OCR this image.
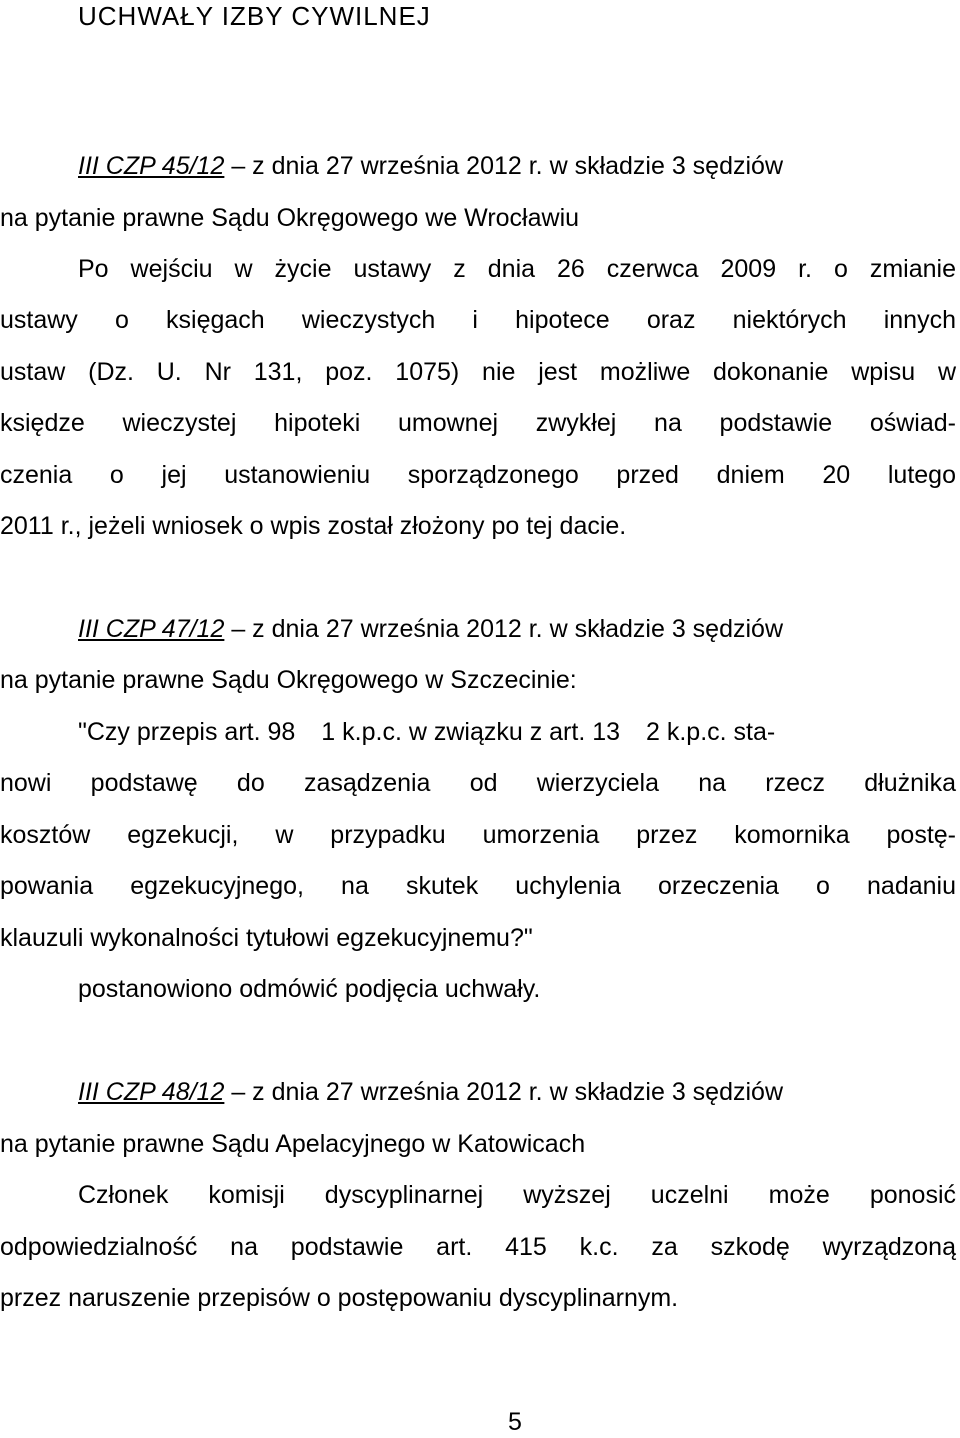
UCHWAŁY IZBY CYWILNEJ
III CZP 45/12 – z dnia 27 września 2012 r. w składzie 3 sędziów
na pytanie prawne Sądu Okręgowego we Wrocławiu
Po wejściu w życie ustawy z dnia 26 czerwca 2009 r. o zmianie
ustawy o księgach wieczystych i hipotece oraz niektórych innych
ustaw (Dz. U. Nr 131, poz. 1075) nie jest możliwe dokonanie wpisu w
księdze wieczystej hipoteki umownej zwykłej na podstawie oświad-
czenia o jej ustanowieniu sporządzonego przed dniem 20 lutego
2011 r., jeżeli wniosek o wpis został złożony po tej dacie.
III CZP 47/12 – z dnia 27 września 2012 r. w składzie 3 sędziów
na pytanie prawne Sądu Okręgowego w Szczecinie:
"Czy przepis art. 98 1 k.p.c. w związku z art. 13 2 k.p.c. sta-
nowi podstawę do zasądzenia od wierzyciela na rzecz dłużnika
kosztów egzekucji, w przypadku umorzenia przez komornika postę-
powania egzekucyjnego, na skutek uchylenia orzeczenia o nadaniu
klauzuli wykonalności tytułowi egzekucyjnemu?"
postanowiono odmówić podjęcia uchwały.
III CZP 48/12 – z dnia 27 września 2012 r. w składzie 3 sędziów
na pytanie prawne Sądu Apelacyjnego w Katowicach
Członek komisji dyscyplinarnej wyższej uczelni może ponosić
odpowiedzialność na podstawie art. 415 k.c. za szkodę wyrządzoną
przez naruszenie przepisów o postępowaniu dyscyplinarnym.
5
